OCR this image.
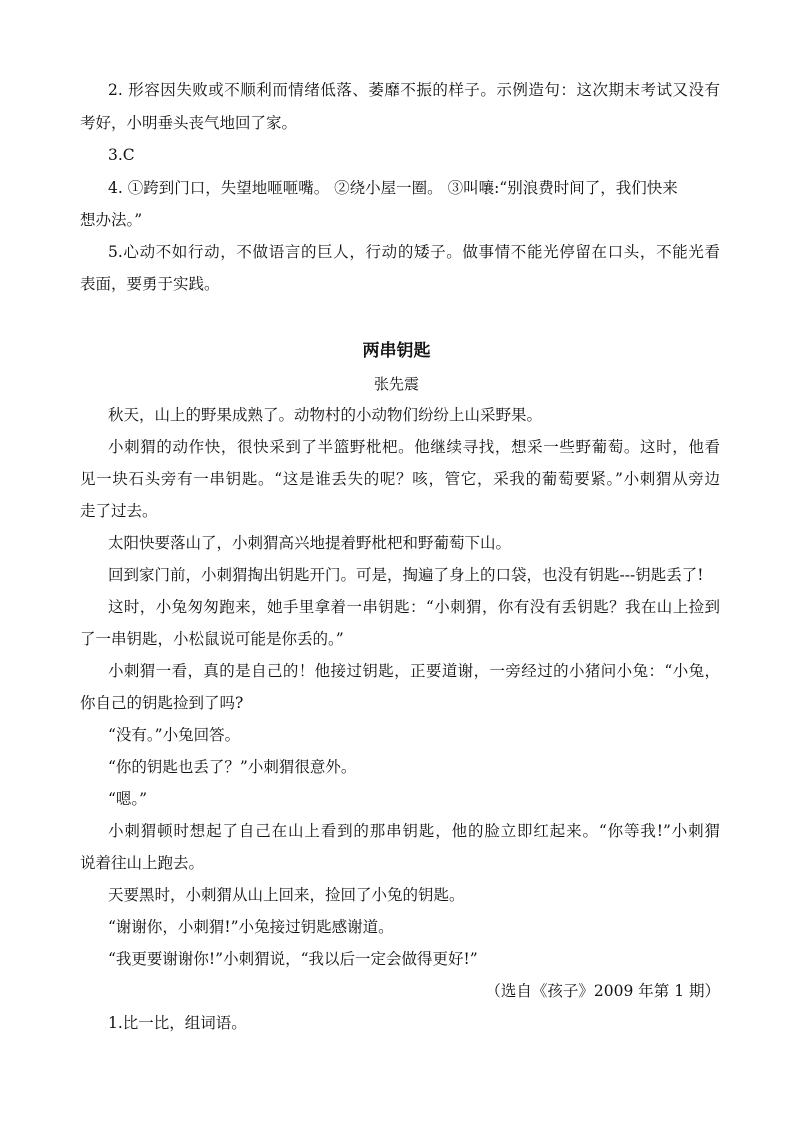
2. 形容因失败或不顺利而情绪低落、萎靡不振的样子。示例造句：这次期末考试又没有
考好，小明垂头丧气地回了家。
3.C
4. ①跨到门口，失望地咂咂嘴。 ②绕小屋一圈。 ③叫嚷:“别浪费时间了，我们快来
想办法。”
5.心动不如行动，不做语言的巨人，行动的矮子。做事情不能光停留在口头，不能光看
表面，要勇于实践。
两串钥匙
张先震
秋天，山上的野果成熟了。动物村的小动物们纷纷上山采野果。
小刺猬的动作快，很快采到了半篮野枇杷。他继续寻找，想采一些野葡萄。这时，他看
见一块石头旁有一串钥匙。“这是谁丢失的呢？咳，管它，采我的葡萄要紧。”小刺猬从旁边
走了过去。
太阳快要落山了，小刺猬高兴地提着野枇杷和野葡萄下山。
回到家门前，小刺猬掏出钥匙开门。可是，掏遍了身上的口袋，也没有钥匙---钥匙丢了!
这时，小兔匆匆跑来，她手里拿着一串钥匙：“小刺猬，你有没有丢钥匙？我在山上捡到
了一串钥匙，小松鼠说可能是你丢的。”
小刺猬一看，真的是自己的！他接过钥匙，正要道谢，一旁经过的小猪问小兔：“小兔，
你自己的钥匙捡到了吗?
“没有。”小兔回答。
“你的钥匙也丢了？”小刺猬很意外。
“嗯。”
小刺猬顿时想起了自己在山上看到的那串钥匙，他的脸立即红起来。“你等我!”小刺猬
说着往山上跑去。
天要黑时，小刺猬从山上回来，捡回了小兔的钥匙。
“谢谢你，小刺猬!”小兔接过钥匙感谢道。
“我更要谢谢你!”小刺猬说，“我以后一定会做得更好!”
（选自《孩子》2009 年第 1 期）
1.比一比，组词语。
